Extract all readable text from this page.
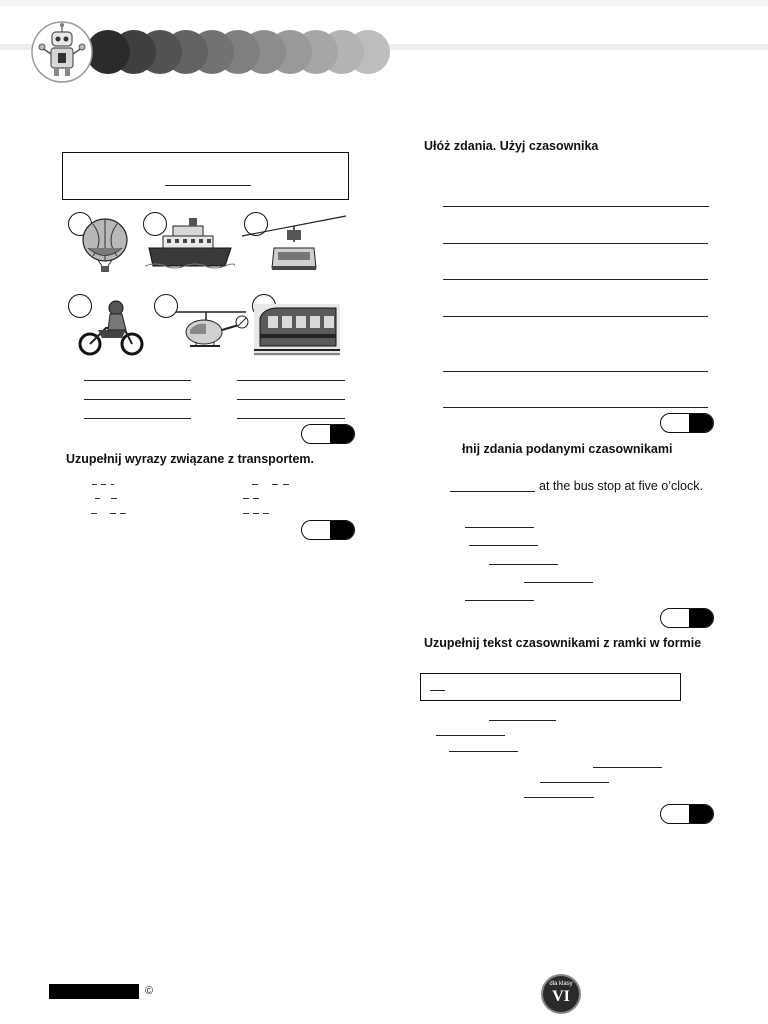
Uzupełnij wyrazy związane z transportem.
Ułóż zdania. Użyj czasownika
łnij zdania podanymi czasownikami
at the bus stop at five o’clock.
Uzupełnij tekst czasownikami z ramki w formie
©
dla klasy
VI
